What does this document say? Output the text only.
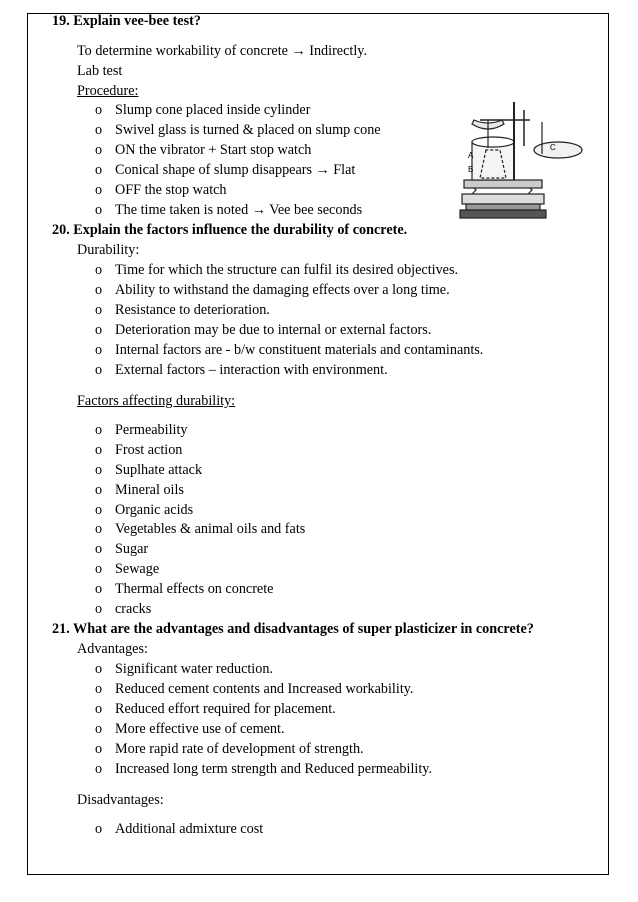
19. Explain vee-bee test?
To determine workability of concrete → Indirectly.
Lab test
Procedure:
o Slump cone placed inside cylinder
o Swivel glass is turned & placed on slump cone
o ON the vibrator + Start stop watch
o Conical shape of slump disappears → Flat
o OFF the stop watch
o The time taken is noted → Vee bee seconds
A
B
C
20. Explain the factors influence the durability of concrete.
Durability:
o Time for which the structure can fulfil its desired objectives.
o Ability to withstand the damaging effects over a long time.
o Resistance to deterioration.
o Deterioration may be due to internal or external factors.
o Internal factors are - b/w constituent materials and contaminants.
o External factors – interaction with environment.
Factors affecting durability:
o Permeability
o Frost action
o Suplhate attack
o Mineral oils
o Organic acids
o Vegetables & animal oils and fats
o Sugar
o Sewage
o Thermal effects on concrete
o cracks
21. What are the advantages and disadvantages of super plasticizer in concrete?
Advantages:
o Significant water reduction.
o Reduced cement contents and Increased workability.
o Reduced effort required for placement.
o More effective use of cement.
o More rapid rate of development of strength.
o Increased long term strength and Reduced permeability.
Disadvantages:
o Additional admixture cost
